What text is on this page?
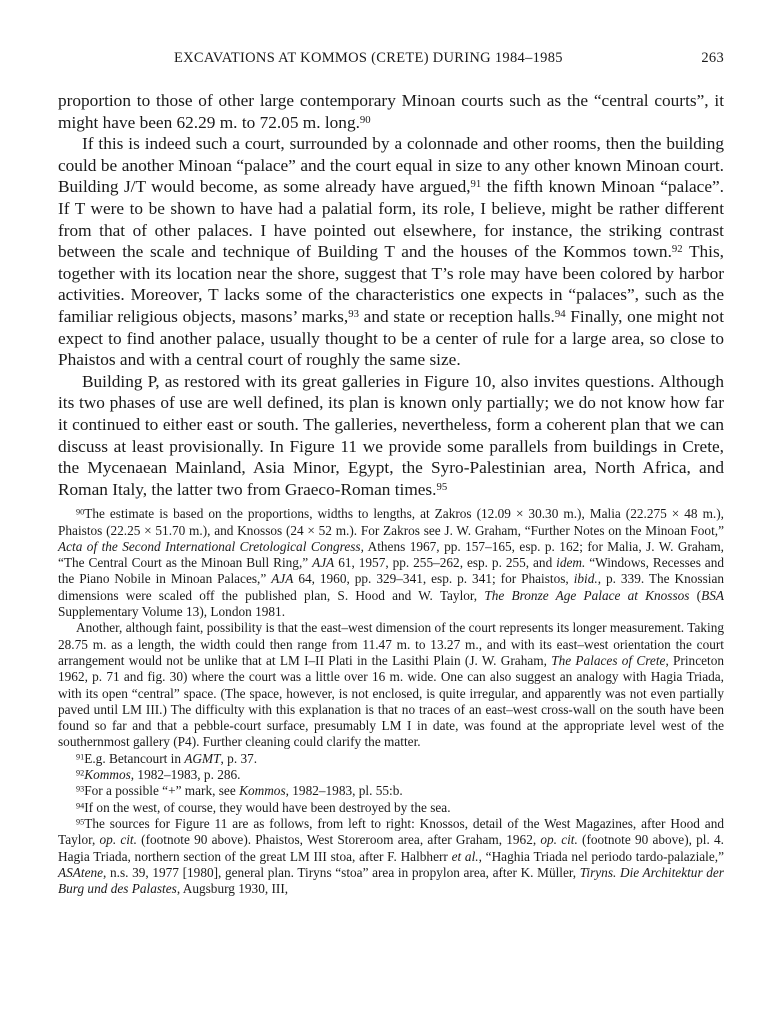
EXCAVATIONS AT KOMMOS (CRETE) DURING 1984–1985	263

proportion to those of other large contemporary Minoan courts such as the “central courts”, it might have been 62.29 m. to 72.05 m. long.$^{90}$

If this is indeed such a court, surrounded by a colonnade and other rooms, then the building could be another Minoan “palace” and the court equal in size to any other known Minoan court. Building J/T would become, as some already have argued,$^{91}$ the fifth known Minoan “palace”. If T were to be shown to have had a palatial form, its role, I believe, might be rather different from that of other palaces. I have pointed out elsewhere, for instance, the striking contrast between the scale and technique of Building T and the houses of the Kommos town.$^{92}$ This, together with its location near the shore, suggest that T’s role may have been colored by harbor activities. Moreover, T lacks some of the characteristics one expects in “palaces”, such as the familiar religious objects, masons’ marks,$^{93}$ and state or reception halls.$^{94}$ Finally, one might not expect to find another palace, usually thought to be a center of rule for a large area, so close to Phaistos and with a central court of roughly the same size.

Building P, as restored with its great galleries in Figure 10, also invites questions. Although its two phases of use are well defined, its plan is known only partially; we do not know how far it continued to either east or south. The galleries, nevertheless, form a coherent plan that we can discuss at least provisionally. In Figure 11 we provide some parallels from buildings in Crete, the Mycenaean Mainland, Asia Minor, Egypt, the Syro-Palestinian area, North Africa, and Roman Italy, the latter two from Graeco-Roman times.$^{95}$

$^{90}$The estimate is based on the proportions, widths to lengths, at Zakros (12.09 × 30.30 m.), Malia (22.275 × 48 m.), Phaistos (22.25 × 51.70 m.), and Knossos (24 × 52 m.). For Zakros see J. W. Graham, “Further Notes on the Minoan Foot,” Acta of the Second International Cretological Congress, Athens 1967, pp. 157–165, esp. p. 162; for Malia, J. W. Graham, “The Central Court as the Minoan Bull Ring,” AJA 61, 1957, pp. 255–262, esp. p. 255, and idem. “Windows, Recesses and the Piano Nobile in Minoan Palaces,” AJA 64, 1960, pp. 329–341, esp. p. 341; for Phaistos, ibid., p. 339. The Knossian dimensions were scaled off the published plan, S. Hood and W. Taylor, The Bronze Age Palace at Knossos (BSA Supplementary Volume 13), London 1981.

Another, although faint, possibility is that the east–west dimension of the court represents its longer measurement. Taking 28.75 m. as a length, the width could then range from 11.47 m. to 13.27 m., and with its east–west orientation the court arrangement would not be unlike that at LM I–II Plati in the Lasithi Plain (J. W. Graham, The Palaces of Crete, Princeton 1962, p. 71 and fig. 30) where the court was a little over 16 m. wide. One can also suggest an analogy with Hagia Triada, with its open “central” space. (The space, however, is not enclosed, is quite irregular, and apparently was not even partially paved until LM III.) The difficulty with this explanation is that no traces of an east–west cross-wall on the south have been found so far and that a pebble-court surface, presumably LM I in date, was found at the appropriate level west of the southernmost gallery (P4). Further cleaning could clarify the matter.

$^{91}$E.g. Betancourt in AGMT, p. 37.

$^{92}$Kommos, 1982–1983, p. 286.

$^{93}$For a possible “+” mark, see Kommos, 1982–1983, pl. 55:b.

$^{94}$If on the west, of course, they would have been destroyed by the sea.

$^{95}$The sources for Figure 11 are as follows, from left to right: Knossos, detail of the West Magazines, after Hood and Taylor, op. cit. (footnote 90 above). Phaistos, West Storeroom area, after Graham, 1962, op. cit. (footnote 90 above), pl. 4. Hagia Triada, northern section of the great LM III stoa, after F. Halbherr et al., “Haghia Triada nel periodo tardo-palaziale,” ASAtene, n.s. 39, 1977 [1980], general plan. Tiryns “stoa” area in propylon area, after K. Müller, Tiryns. Die Architektur der Burg und des Palastes, Augsburg 1930, III,
